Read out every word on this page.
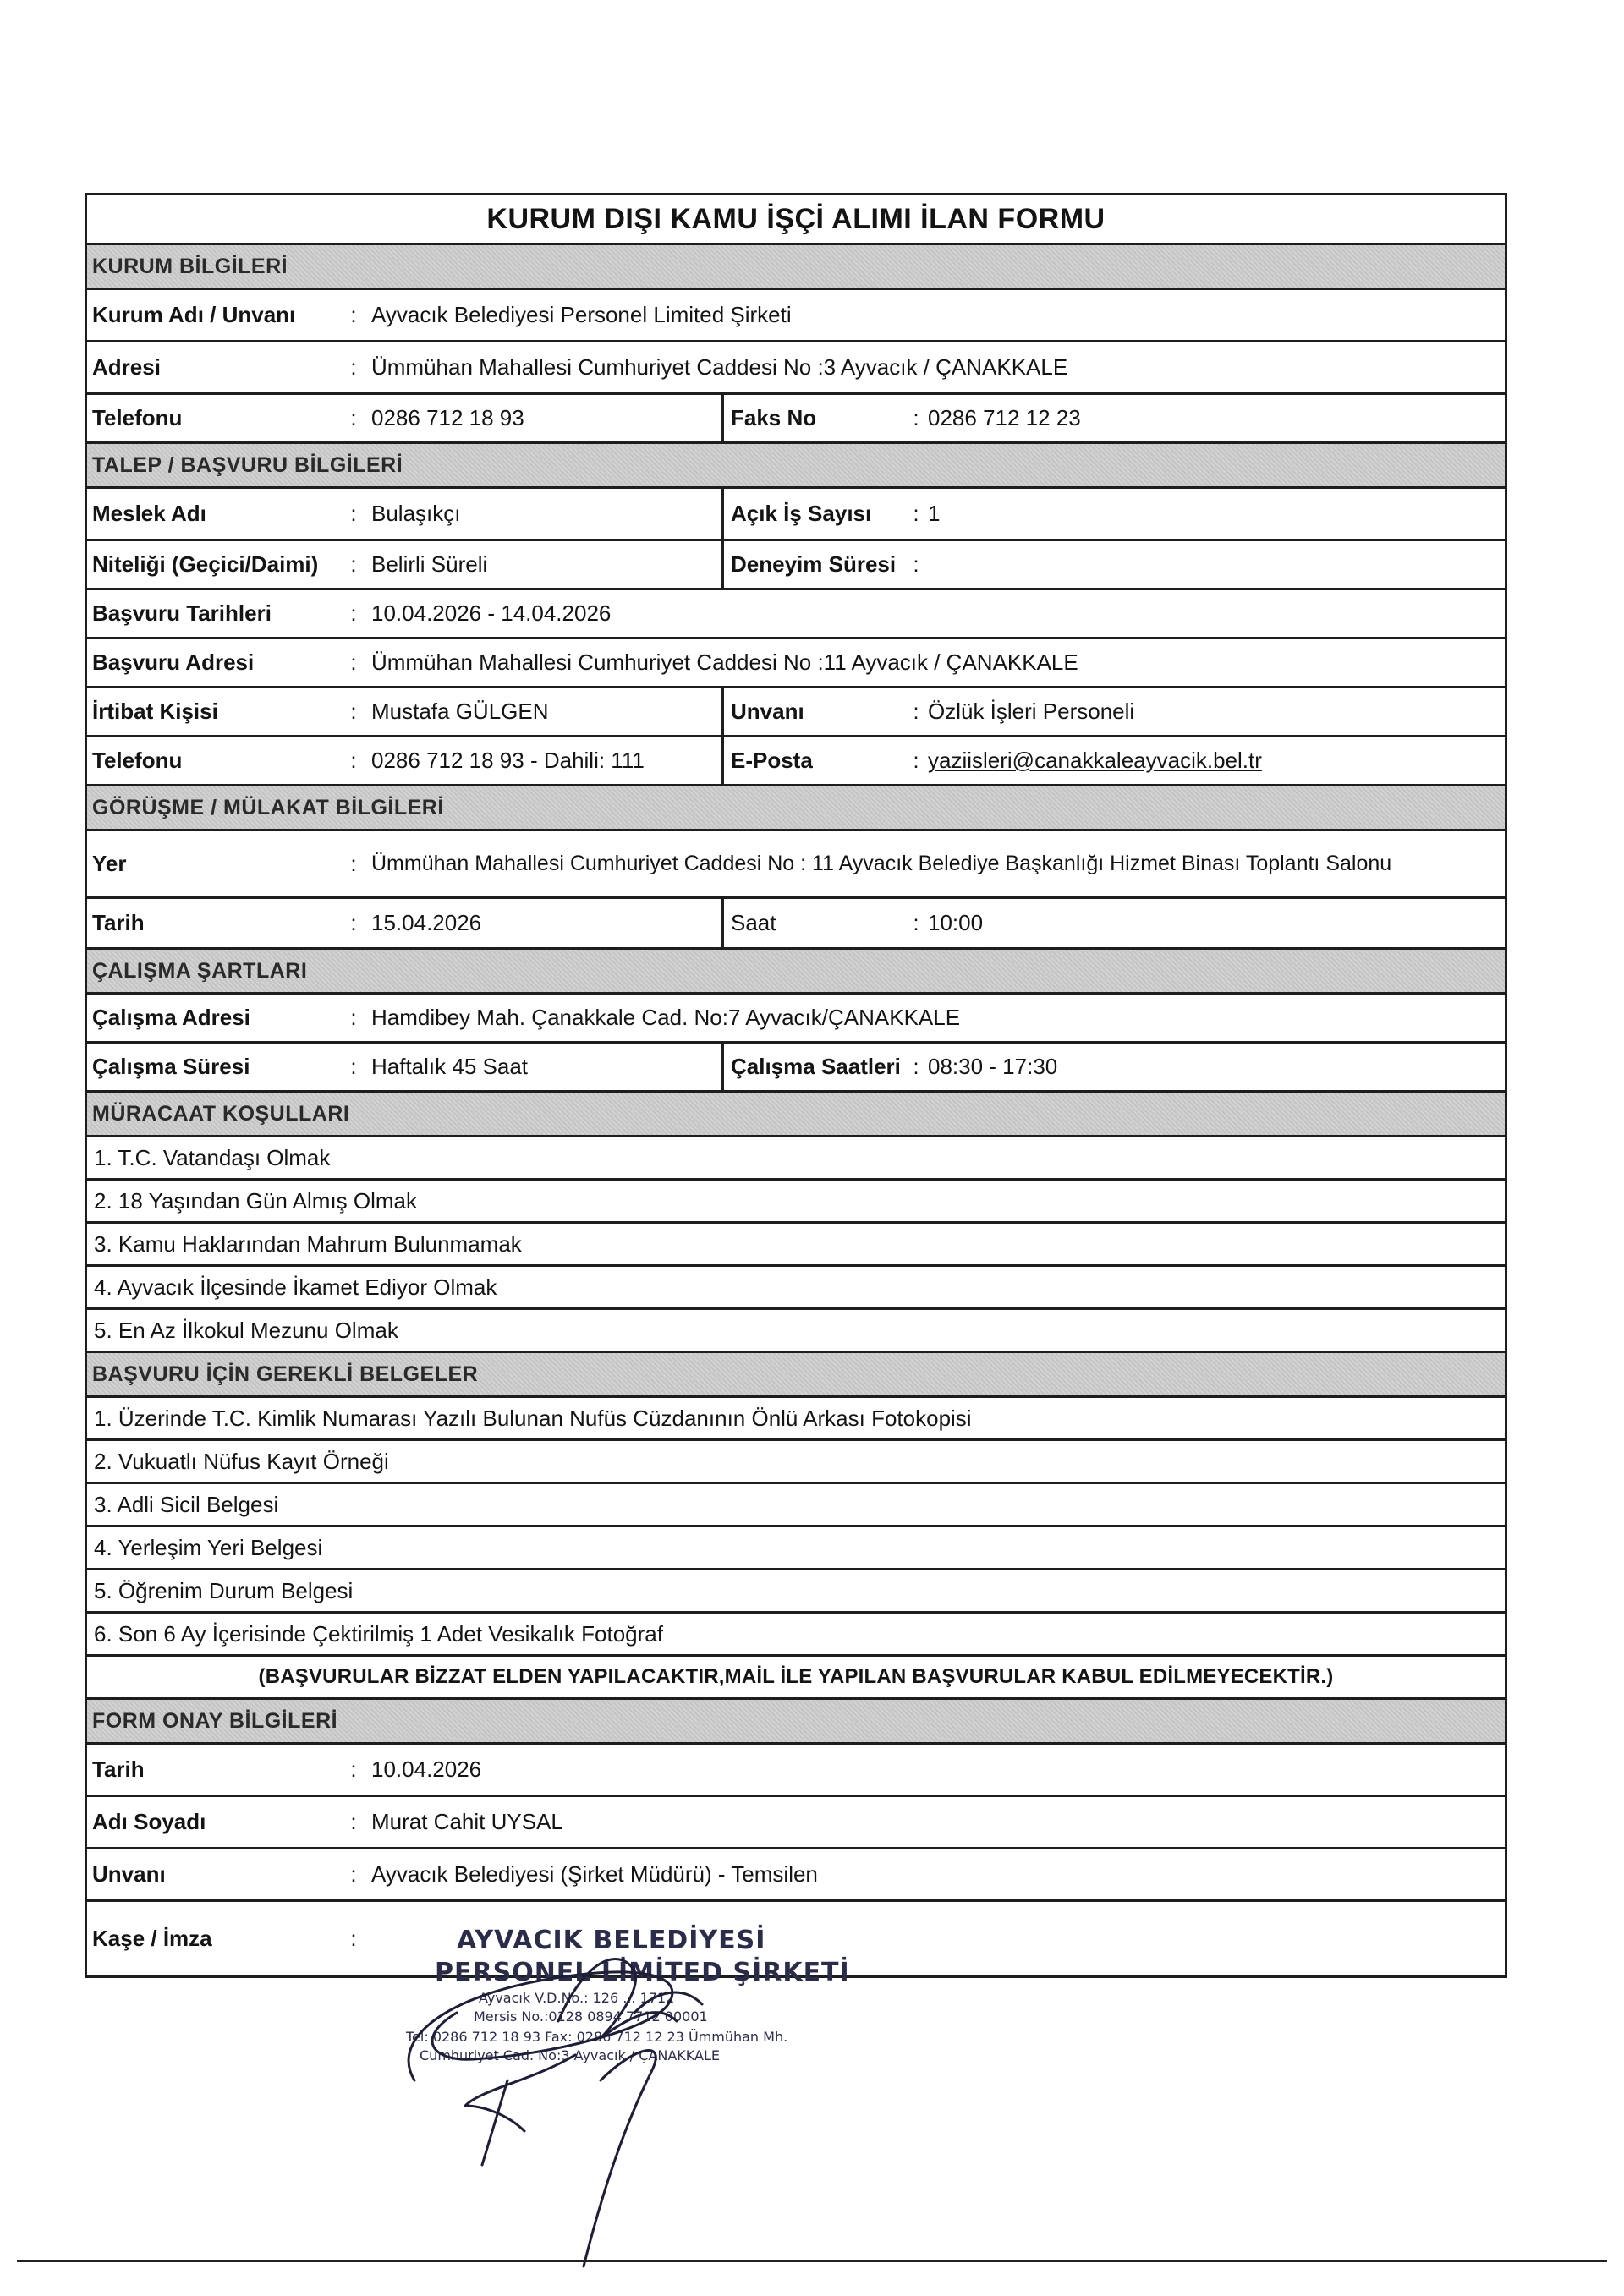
KURUM DIŞI KAMU İŞÇİ ALIMI İLAN FORMU
KURUM BİLGİLERİ
Kurum Adı / Unvanı	: Ayvacık Belediyesi Personel Limited Şirketi
Adresi	: Ümmühan Mahallesi Cumhuriyet Caddesi No :3 Ayvacık / ÇANAKKALE
Telefonu	: 0286 712 18 93	Faks No	: 0286 712 12 23
TALEP / BAŞVURU BİLGİLERİ
Meslek Adı	: Bulaşıkçı	Açık İş Sayısı	: 1
Niteliği (Geçici/Daimi)	: Belirli Süreli	Deneyim Süresi :
Başvuru Tarihleri	: 10.04.2026 - 14.04.2026
Başvuru Adresi	: Ümmühan Mahallesi Cumhuriyet Caddesi No :11 Ayvacık / ÇANAKKALE
İrtibat Kişisi	: Mustafa GÜLGEN	Unvanı	: Özlük İşleri Personeli
Telefonu	: 0286 712 18 93 - Dahili: 111	E-Posta	: yaziisleri@canakkaleayvacik.bel.tr
GÖRÜŞME / MÜLAKAT BİLGİLERİ
Yer	: Ümmühan Mahallesi Cumhuriyet Caddesi No : 11 Ayvacık Belediye Başkanlığı Hizmet Binası Toplantı Salonu
Tarih	: 15.04.2026	Saat	: 10:00
ÇALIŞMA ŞARTLARI
Çalışma Adresi	: Hamdibey Mah. Çanakkale Cad. No:7 Ayvacık/ÇANAKKALE
Çalışma Süresi	: Haftalık 45 Saat	Çalışma Saatleri : 08:30 - 17:30
MÜRACAAT KOŞULLARI
1. T.C. Vatandaşı Olmak
2. 18 Yaşından Gün Almış Olmak
3. Kamu Haklarından Mahrum Bulunmamak
4. Ayvacık İlçesinde İkamet Ediyor Olmak
5. En Az İlkokul Mezunu Olmak
BAŞVURU İÇİN GEREKLİ BELGELER
1. Üzerinde T.C. Kimlik Numarası Yazılı Bulunan Nufüs Cüzdanının Önlü Arkası Fotokopisi
2. Vukuatlı Nüfus Kayıt Örneği
3. Adli Sicil Belgesi
4. Yerleşim Yeri Belgesi
5. Öğrenim Durum Belgesi
6. Son 6 Ay İçerisinde Çektirilmiş 1 Adet Vesikalık Fotoğraf
(BAŞVURULAR BİZZAT ELDEN YAPILACAKTIR,MAİL İLE YAPILAN BAŞVURULAR KABUL EDİLMEYECEKTİR.)
FORM ONAY BİLGİLERİ
Tarih	: 10.04.2026
Adı Soyadı	: Murat Cahit UYSAL
Unvanı	: Ayvacık Belediyesi (Şirket Müdürü) - Temsilen
Kaşe / İmza	:	AYVACIK BELEDİYESİ
PERSONEL LİMİTED ŞİRKETİ
Ayvacık V.D.No.: 126 ... 1712
Mersis No.:0128 0894 7712 00001
Tel: 0286 712 18 93 Fax: 0286 712 12 23 Ümmühan Mh.
Cumhuriyet Cad. No:3 Ayvacık / ÇANAKKALE
